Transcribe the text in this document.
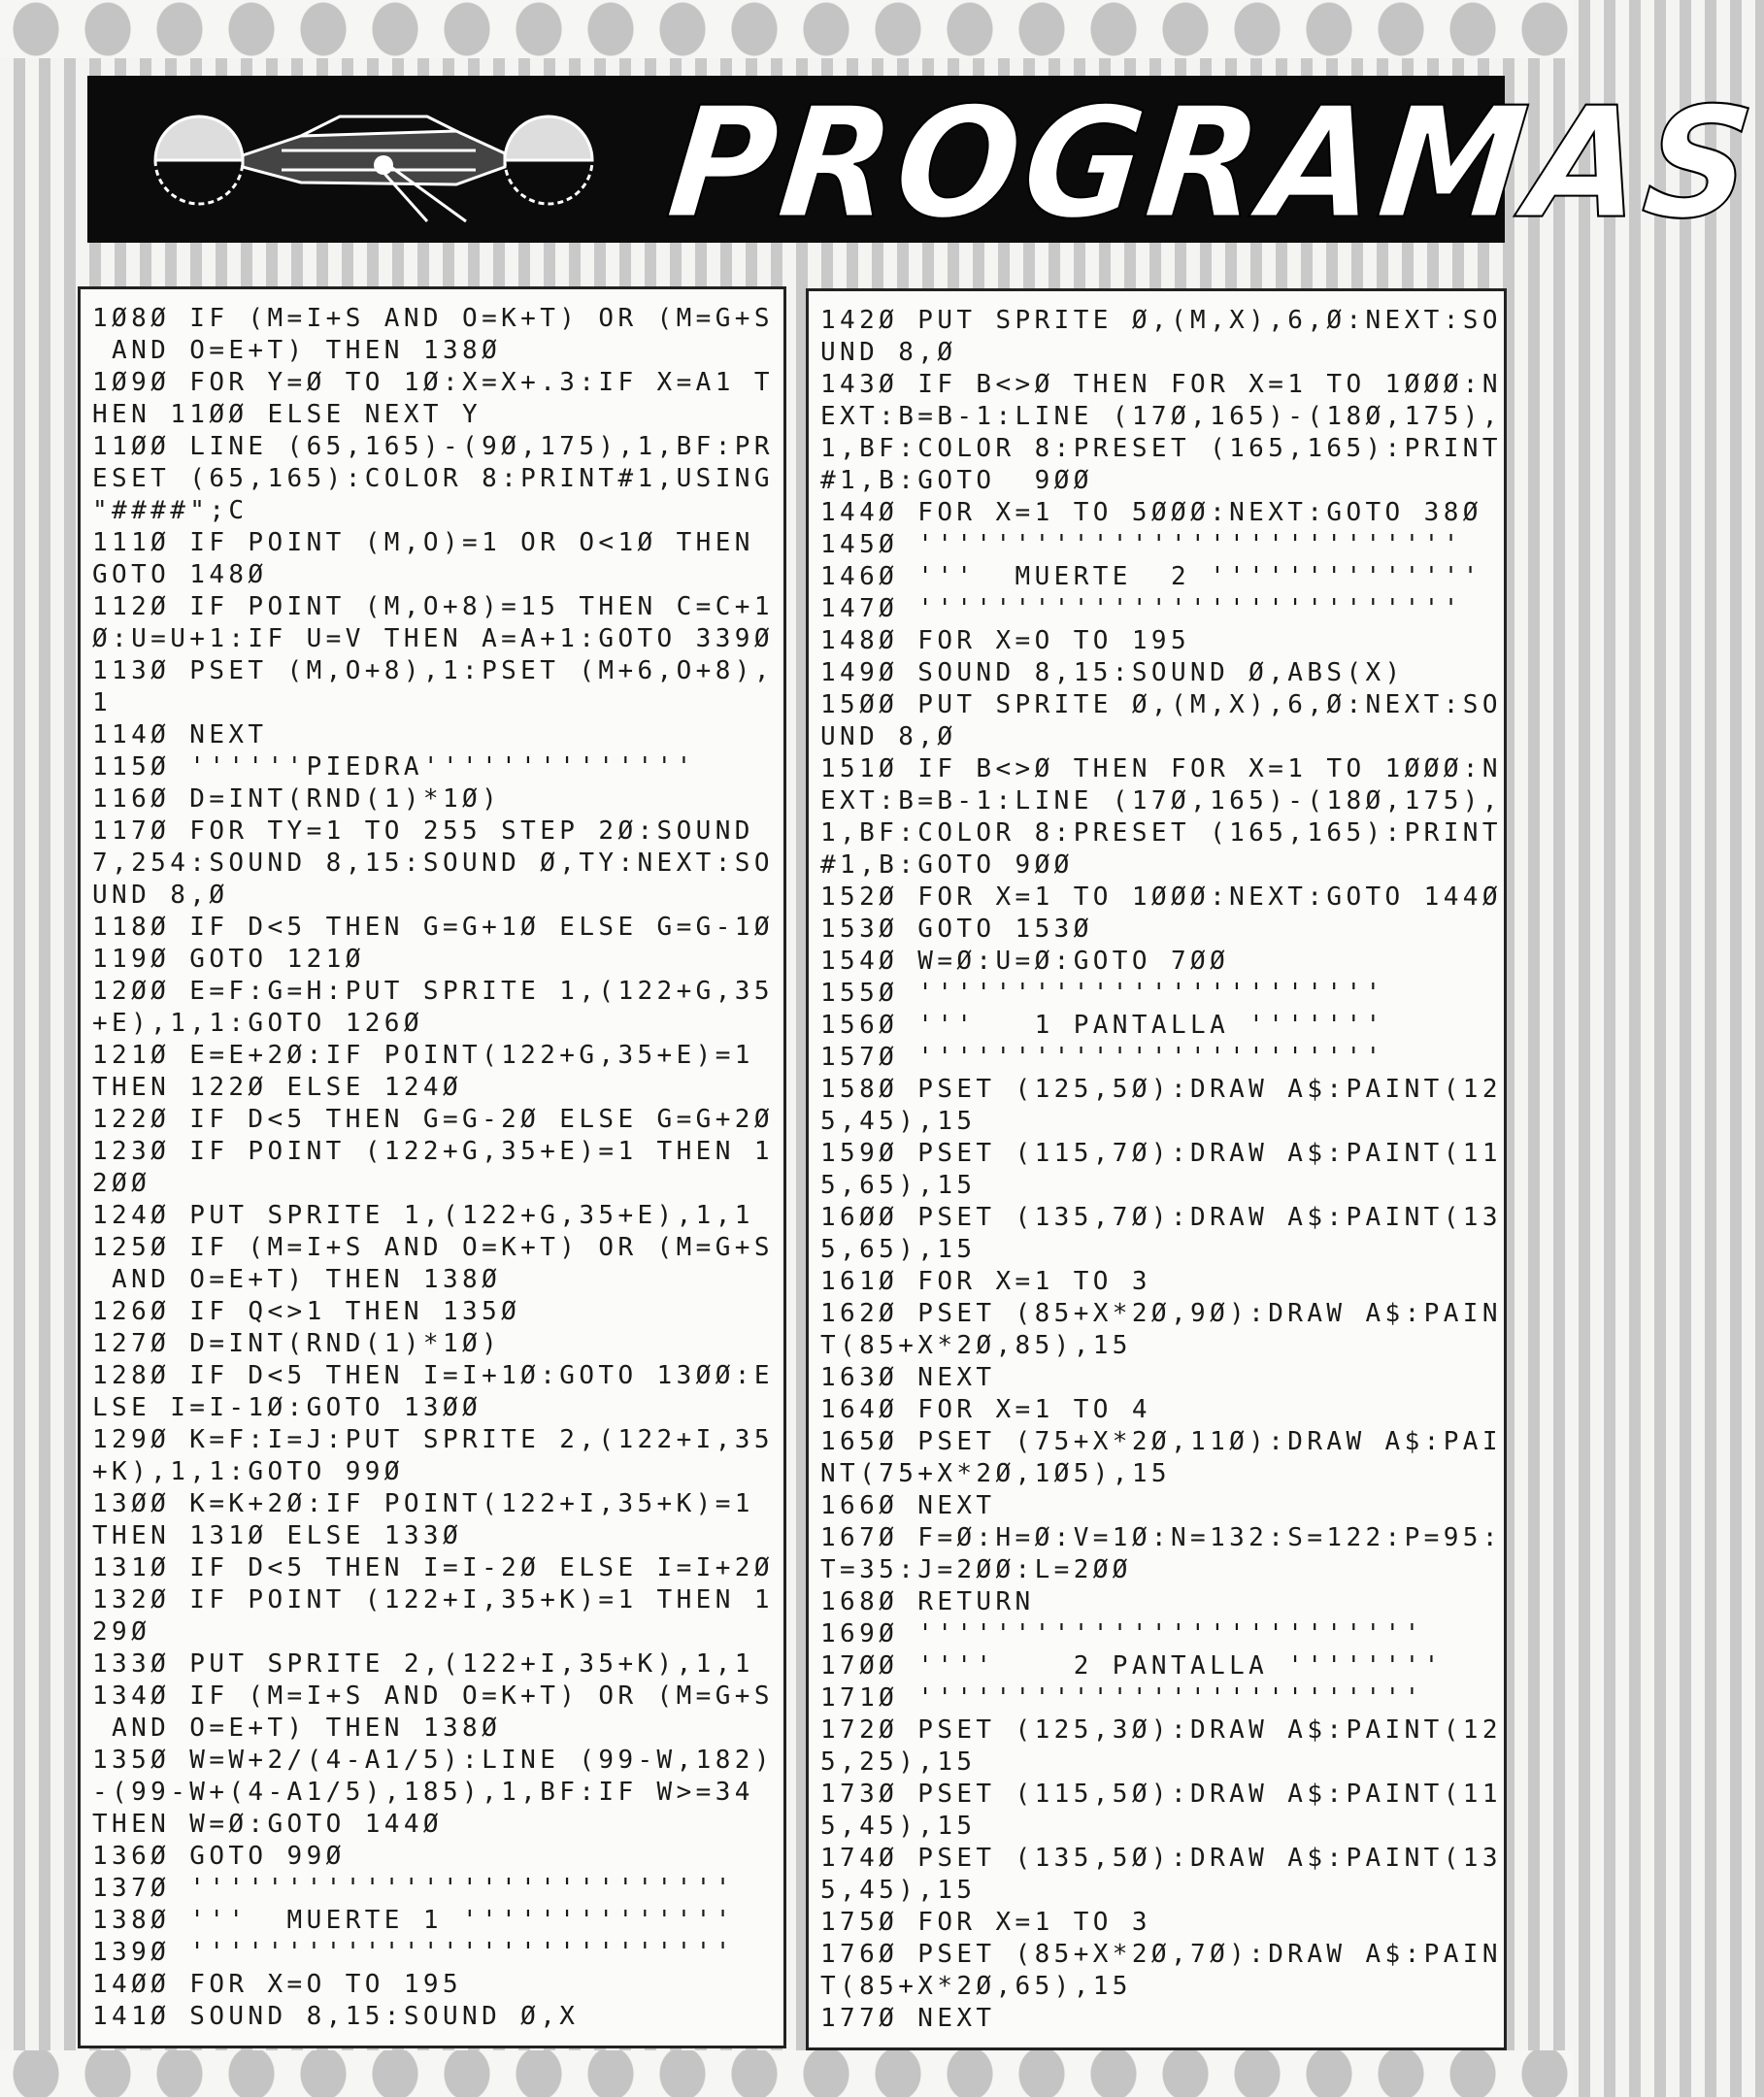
PROGRAMAS
1Ø8Ø IF (M=I+S AND O=K+T) OR (M=G+S
AND O=E+T) THEN 138Ø
1Ø9Ø FOR Y=Ø TO 1Ø:X=X+.3:IF X=A1 T
HEN 11ØØ ELSE NEXT Y
11ØØ LINE (65,165)-(9Ø,175),1,BF:PR
ESET (65,165):COLOR 8:PRINT#1,USING
"####";C
111Ø IF POINT (M,O)=1 OR O<1Ø THEN
GOTO 148Ø
112Ø IF POINT (M,O+8)=15 THEN C=C+1
Ø:U=U+1:IF U=V THEN A=A+1:GOTO 339Ø
113Ø PSET (M,O+8),1:PSET (M+6,O+8),
1
114Ø NEXT
115Ø ''''''PIEDRA''''''''''''''
116Ø D=INT(RND(1)*1Ø)
117Ø FOR TY=1 TO 255 STEP 2Ø:SOUND
7,254:SOUND 8,15:SOUND Ø,TY:NEXT:SO
UND 8,Ø
118Ø IF D<5 THEN G=G+1Ø ELSE G=G-1Ø
119Ø GOTO 121Ø
12ØØ E=F:G=H:PUT SPRITE 1,(122+G,35
+E),1,1:GOTO 126Ø
121Ø E=E+2Ø:IF POINT(122+G,35+E)=1
THEN 122Ø ELSE 124Ø
122Ø IF D<5 THEN G=G-2Ø ELSE G=G+2Ø
123Ø IF POINT (122+G,35+E)=1 THEN 1
2ØØ
124Ø PUT SPRITE 1,(122+G,35+E),1,1
125Ø IF (M=I+S AND O=K+T) OR (M=G+S
AND O=E+T) THEN 138Ø
126Ø IF Q<>1 THEN 135Ø
127Ø D=INT(RND(1)*1Ø)
128Ø IF D<5 THEN I=I+1Ø:GOTO 13ØØ:E
LSE I=I-1Ø:GOTO 13ØØ
129Ø K=F:I=J:PUT SPRITE 2,(122+I,35
+K),1,1:GOTO 99Ø
13ØØ K=K+2Ø:IF POINT(122+I,35+K)=1
THEN 131Ø ELSE 133Ø
131Ø IF D<5 THEN I=I-2Ø ELSE I=I+2Ø
132Ø IF POINT (122+I,35+K)=1 THEN 1
29Ø
133Ø PUT SPRITE 2,(122+I,35+K),1,1
134Ø IF (M=I+S AND O=K+T) OR (M=G+S
AND O=E+T) THEN 138Ø
135Ø W=W+2/(4-A1/5):LINE (99-W,182)
-(99-W+(4-A1/5),185),1,BF:IF W>=34
THEN W=Ø:GOTO 144Ø
136Ø GOTO 99Ø
137Ø ''''''''''''''''''''''''''''
138Ø '''  MUERTE 1 ''''''''''''''
139Ø ''''''''''''''''''''''''''''
14ØØ FOR X=O TO 195
141Ø SOUND 8,15:SOUND Ø,X
142Ø PUT SPRITE Ø,(M,X),6,Ø:NEXT:SO
UND 8,Ø
143Ø IF B<>Ø THEN FOR X=1 TO 1ØØØ:N
EXT:B=B-1:LINE (17Ø,165)-(18Ø,175),
1,BF:COLOR 8:PRESET (165,165):PRINT
#1,B:GOTO  9ØØ
144Ø FOR X=1 TO 5ØØØ:NEXT:GOTO 38Ø
145Ø ''''''''''''''''''''''''''''
146Ø '''  MUERTE  2 ''''''''''''''
147Ø ''''''''''''''''''''''''''''
148Ø FOR X=O TO 195
149Ø SOUND 8,15:SOUND Ø,ABS(X)
15ØØ PUT SPRITE Ø,(M,X),6,Ø:NEXT:SO
UND 8,Ø
151Ø IF B<>Ø THEN FOR X=1 TO 1ØØØ:N
EXT:B=B-1:LINE (17Ø,165)-(18Ø,175),
1,BF:COLOR 8:PRESET (165,165):PRINT
#1,B:GOTO 9ØØ
152Ø FOR X=1 TO 1ØØØ:NEXT:GOTO 144Ø
153Ø GOTO 153Ø
154Ø W=Ø:U=Ø:GOTO 7ØØ
155Ø ''''''''''''''''''''''''
156Ø '''   1 PANTALLA '''''''
157Ø ''''''''''''''''''''''''
158Ø PSET (125,5Ø):DRAW A$:PAINT(12
5,45),15
159Ø PSET (115,7Ø):DRAW A$:PAINT(11
5,65),15
16ØØ PSET (135,7Ø):DRAW A$:PAINT(13
5,65),15
161Ø FOR X=1 TO 3
162Ø PSET (85+X*2Ø,9Ø):DRAW A$:PAIN
T(85+X*2Ø,85),15
163Ø NEXT
164Ø FOR X=1 TO 4
165Ø PSET (75+X*2Ø,11Ø):DRAW A$:PAI
NT(75+X*2Ø,1Ø5),15
166Ø NEXT
167Ø F=Ø:H=Ø:V=1Ø:N=132:S=122:P=95:
T=35:J=2ØØ:L=2ØØ
168Ø RETURN
169Ø ''''''''''''''''''''''''''
17ØØ ''''    2 PANTALLA ''''''''
171Ø ''''''''''''''''''''''''''
172Ø PSET (125,3Ø):DRAW A$:PAINT(12
5,25),15
173Ø PSET (115,5Ø):DRAW A$:PAINT(11
5,45),15
174Ø PSET (135,5Ø):DRAW A$:PAINT(13
5,45),15
175Ø FOR X=1 TO 3
176Ø PSET (85+X*2Ø,7Ø):DRAW A$:PAIN
T(85+X*2Ø,65),15
177Ø NEXT
